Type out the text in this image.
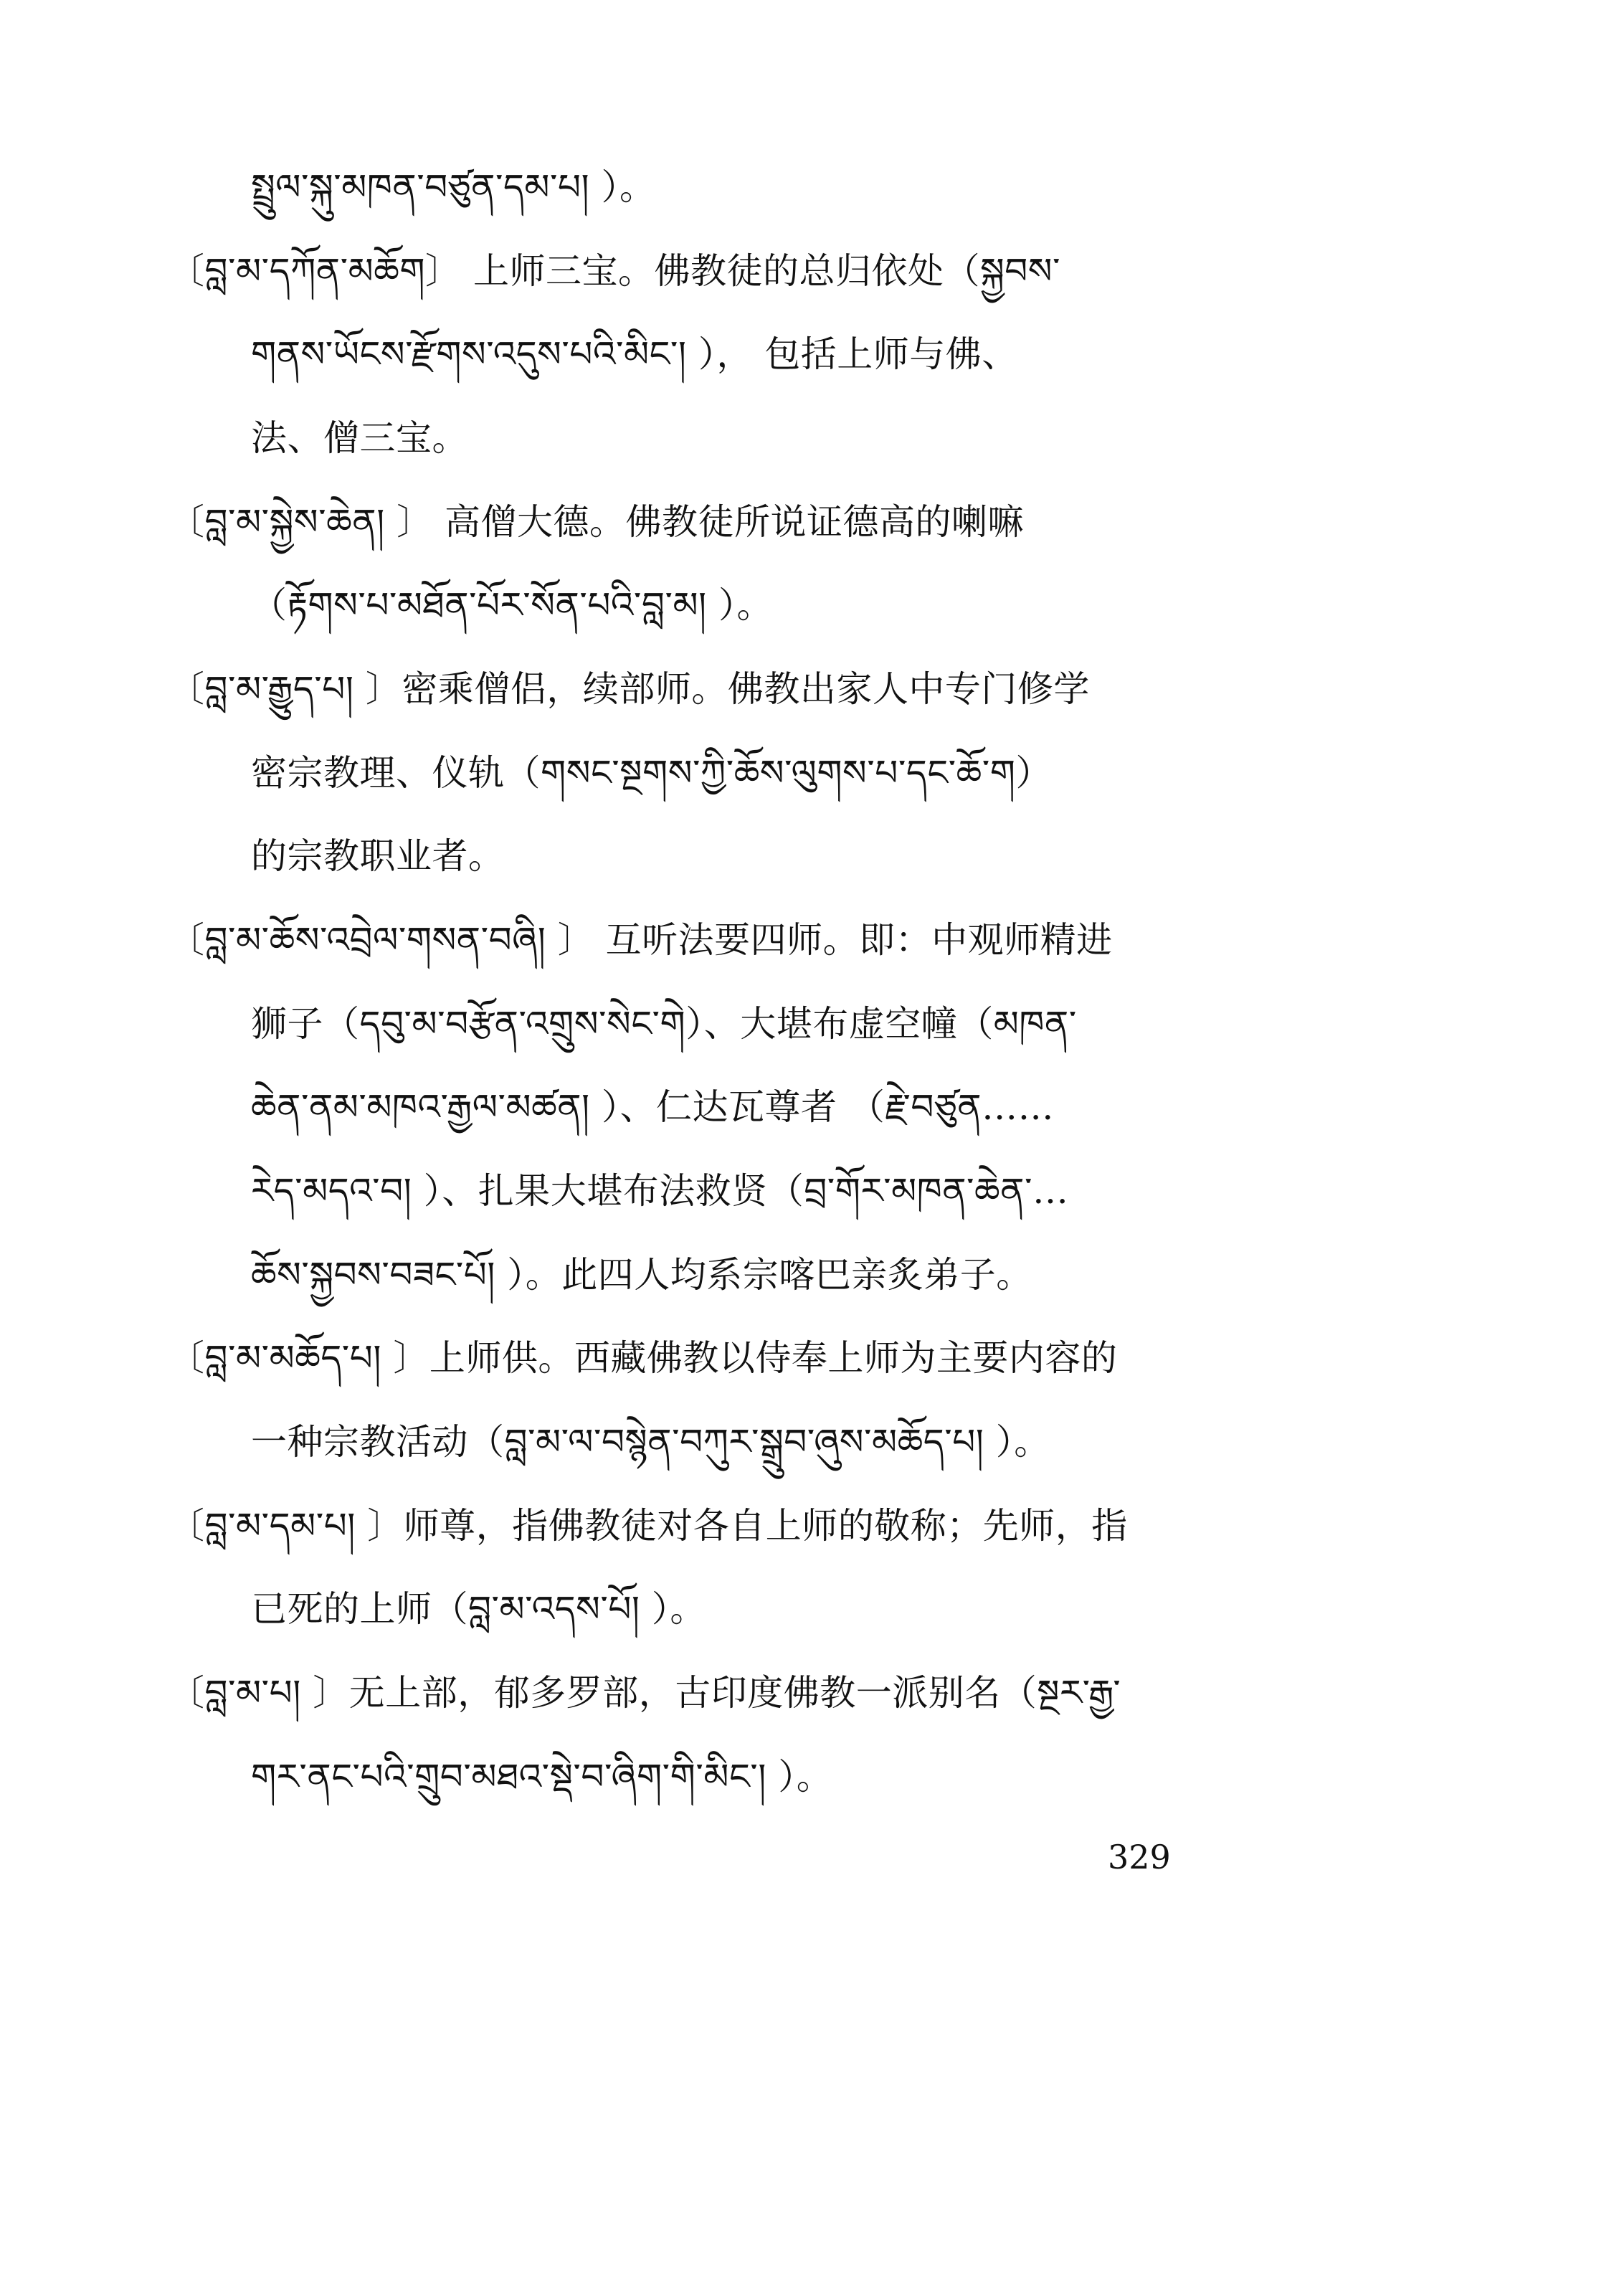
སྤྲུལ་སྐུ་མཁན་བཙུན་དམ་པ། ）。
〔བླ་མ་དཀོན་མཆོག〕 上师三宝。佛教徒的总归依处（སྐྱབས་
གནས་ཡོངས་རྫོགས་འདུས་པའི་མིང་། ）， 包括上师与佛、
法、僧三宝。
〔བླ་མ་སྐྱེས་ཆེན། 〕 高僧大德。佛教徒所说证德高的喇嘛
（རྟོགས་པ་མཐོན་པོར་སོན་པའི་བླ་མ། ）。
〔བླ་མ་རྒྱུད་པ། 〕密乘僧侣，续部师。佛教出家人中专门修学
密宗教理、仪轨（གསང་སྔགས་ཀྱི་ཆོས་ལུགས་པ་དང་ཆོ་ག）
的宗教职业者。
〔བླ་མ་ཆོས་འབྲེལ་གསན་བཞི། 〕 互听法要四师。即：中观师精进
狮子（དབུ་མ་བརྩོན་འགྲུས་སེང་གེ）、大堪布虚空幢（མཁན་
ཆེན་ནམ་མཁའ་རྒྱལ་མཚན། ）、仁达瓦尊者 （རྗེ་བཙུན……
རེད་མདའ་བ། ）、扎果大堪布法救贤（བྲ་གོར་མཁན་ཆེན་…
ཆོས་སྐྱབས་བཟང་པོ། ）。此四人均系宗喀巴亲炙弟子。
〔བླ་མ་མཆོད་པ། 〕上师供。西藏佛教以侍奉上师为主要内容的
一种宗教活动（བླ་མ་ལ་བསྙེན་བཀུར་སྒྲུབ་ཞུས་མཆོད་པ། ）。
〔བླ་མ་དམ་པ། 〕师尊，指佛教徒对各自上师的敬称；先师，指
已死的上师（བླ་མ་འདས་པོ། ）。
〔བླ་མ་པ། 〕无上部，郁多罗部，古印度佛教一派别名（སྔར་རྒྱ་
གར་ནང་པའི་གྲུབ་མཐའ་སྡེ་བ་ཞིག་གི་མིང་། ）。
329
